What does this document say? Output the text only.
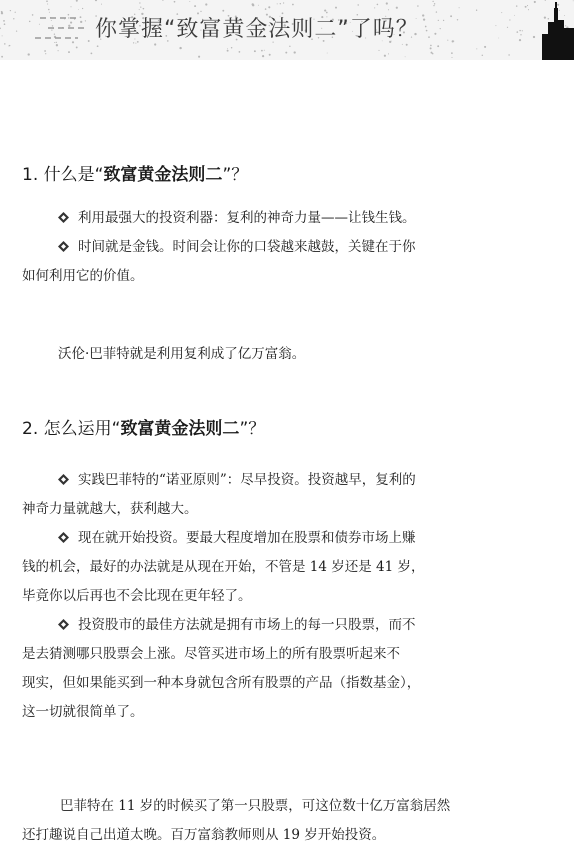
你掌握“致富黄金法则二”了吗？
1. 什么是“致富黄金法则二”？
利用最强大的投资利器：复利的神奇力量——让钱生钱。
时间就是金钱。时间会让你的口袋越来越鼓，关键在于你
如何利用它的价值。
沃伦·巴菲特就是利用复利成了亿万富翁。
2. 怎么运用“致富黄金法则二”？
实践巴菲特的“诺亚原则”：尽早投资。投资越早，复利的
神奇力量就越大，获利越大。
现在就开始投资。要最大程度增加在股票和债券市场上赚
钱的机会，最好的办法就是从现在开始，不管是 14 岁还是 41 岁，
毕竟你以后再也不会比现在更年轻了。
投资股市的最佳方法就是拥有市场上的每一只股票，而不
是去猜测哪只股票会上涨。尽管买进市场上的所有股票听起来不
现实，但如果能买到一种本身就包含所有股票的产品（指数基金），
这一切就很简单了。
巴菲特在 11 岁的时候买了第一只股票，可这位数十亿万富翁居然
还打趣说自己出道太晚。百万富翁教师则从 19 岁开始投资。
